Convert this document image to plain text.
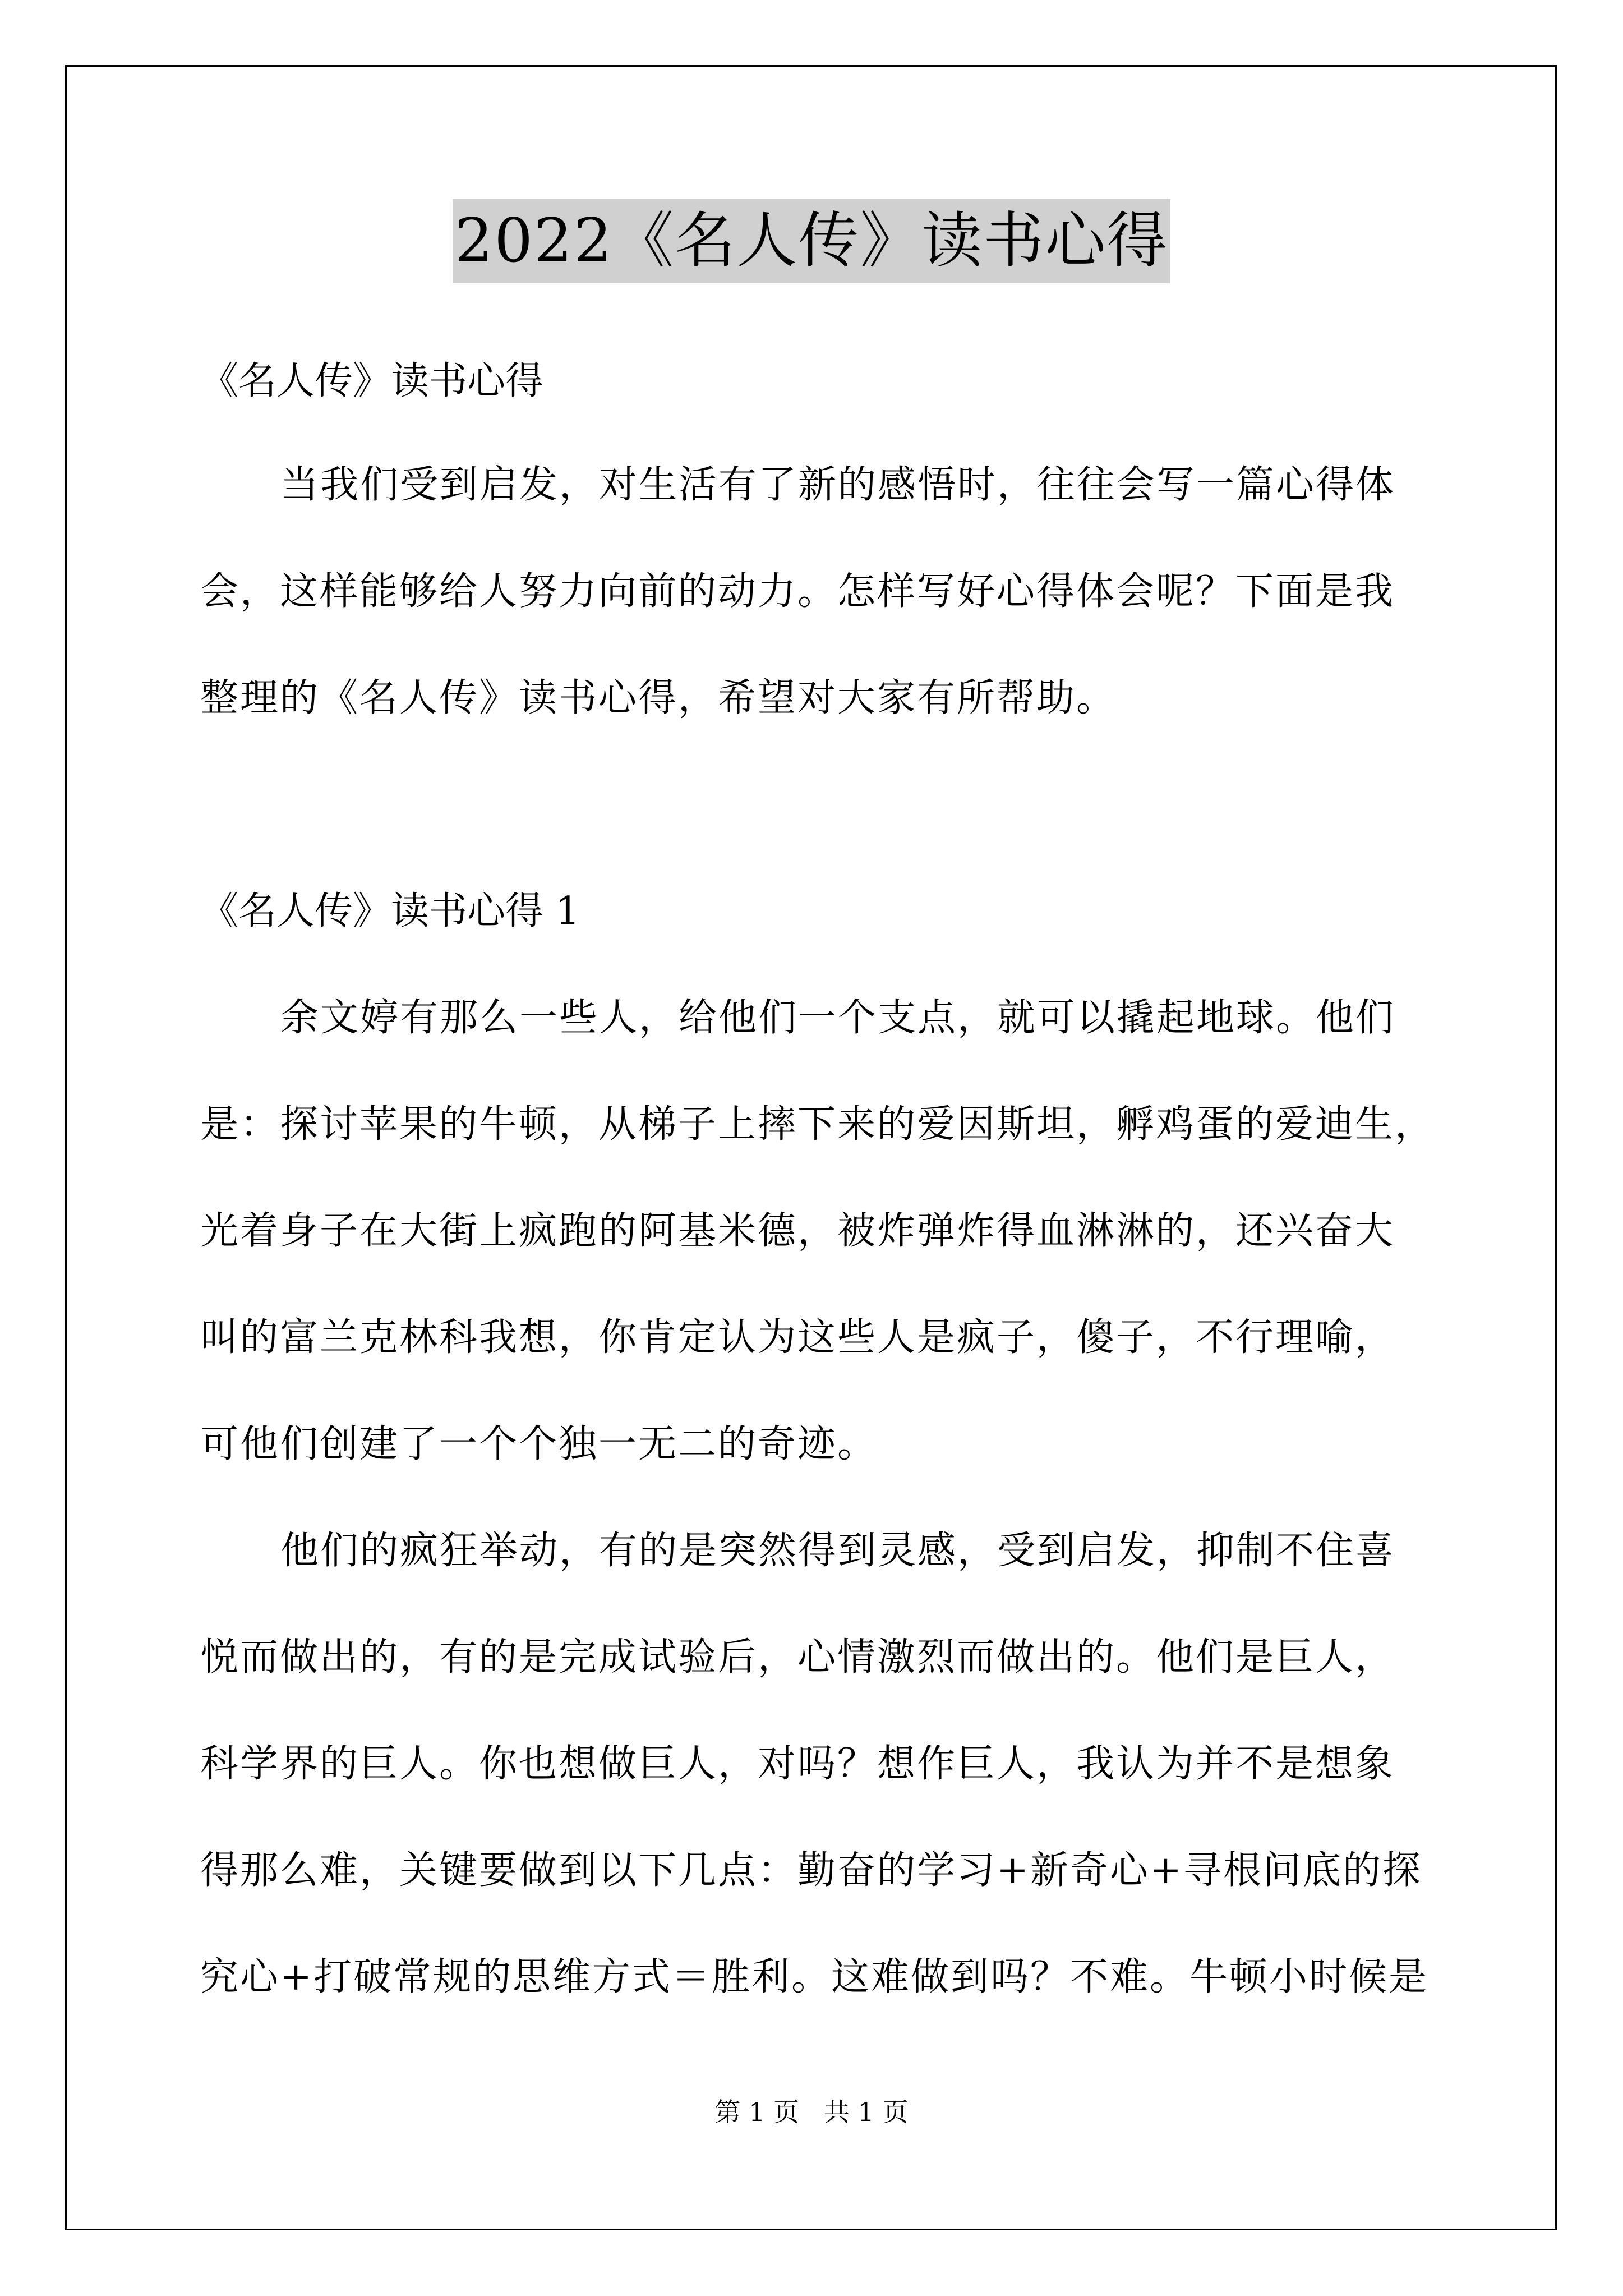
2022《名人传》读书心得
《名人传》读书心得
当我们受到启发，对生活有了新的感悟时，往往会写一篇心得体
会，这样能够给人努力向前的动力。怎样写好心得体会呢？下面是我
整理的《名人传》读书心得，希望对大家有所帮助。
《名人传》读书心得 1
余文婷有那么一些人，给他们一个支点，就可以撬起地球。他们
是：探讨苹果的牛顿，从梯子上摔下来的爱因斯坦，孵鸡蛋的爱迪生，
光着身子在大街上疯跑的阿基米德，被炸弹炸得血淋淋的，还兴奋大
叫的富兰克林科我想，你肯定认为这些人是疯子，傻子，不行理喻，
可他们创建了一个个独一无二的奇迹。
他们的疯狂举动，有的是突然得到灵感，受到启发，抑制不住喜
悦而做出的，有的是完成试验后，心情激烈而做出的。他们是巨人，
科学界的巨人。你也想做巨人，对吗？想作巨人，我认为并不是想象
得那么难，关键要做到以下几点：勤奋的学习+新奇心+寻根问底的探
究心+打破常规的思维方式＝胜利。这难做到吗？不难。牛顿小时候是
第 1 页 共 1 页
